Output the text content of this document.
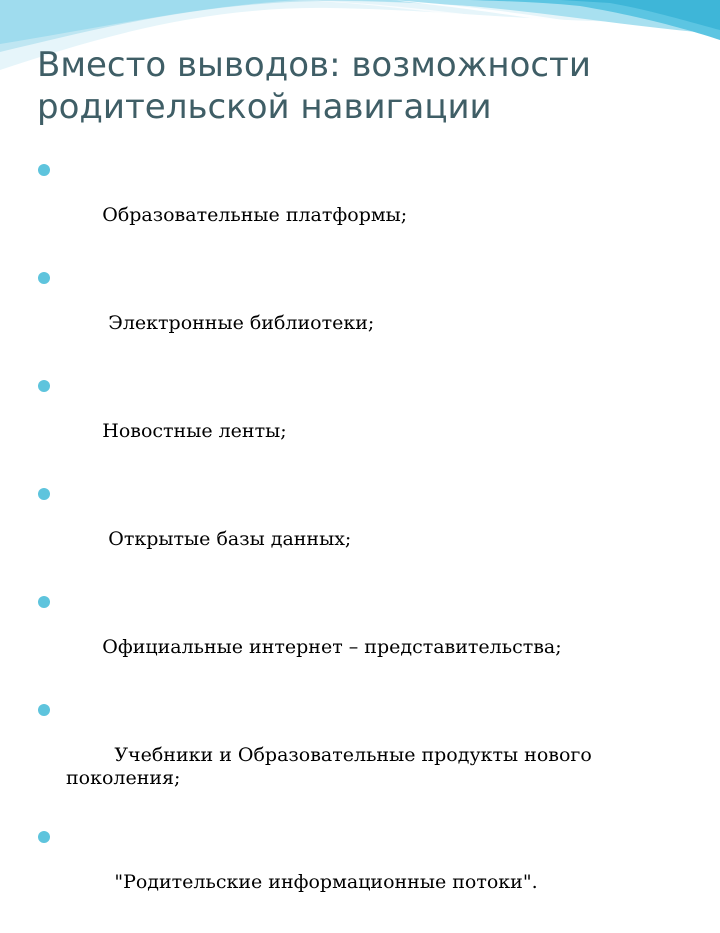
Вместо выводов: возможности
родительской навигации

Образовательные платформы;

Электронные библиотеки;

Новостные ленты;

Открытые базы данных;

Официальные интернет – представительства;

Учебники и Образовательные продукты нового поколения;

"Родительские информационные потоки".
